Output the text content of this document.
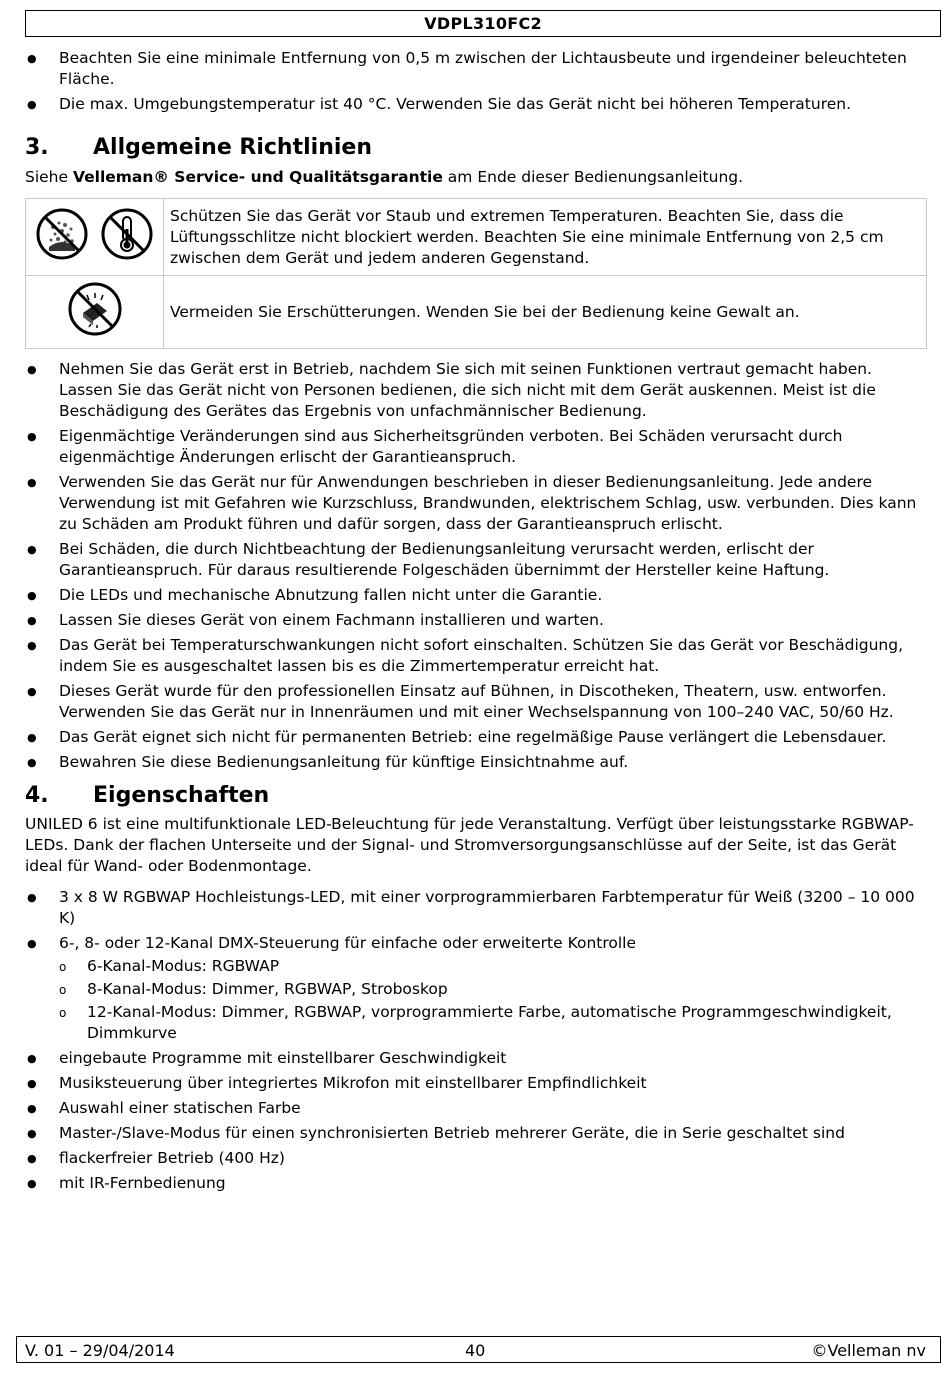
VDPL310FC2
● Beachten Sie eine minimale Entfernung von 0,5 m zwischen der Lichtausbeute und irgendeiner beleuchteten Fläche.
● Die max. Umgebungstemperatur ist 40 °C. Verwenden Sie das Gerät nicht bei höheren Temperaturen.
3. Allgemeine Richtlinien

Siehe Velleman® Service- und Qualitätsgarantie am Ende dieser Bedienungsanleitung.

	Schützen Sie das Gerät vor Staub und extremen Temperaturen. Beachten Sie, dass die Lüftungsschlitze nicht blockiert werden. Beachten Sie eine minimale Entfernung von 2,5 cm zwischen dem Gerät und jedem anderen Gegenstand.
	Vermeiden Sie Erschütterungen. Wenden Sie bei der Bedienung keine Gewalt an.
● Nehmen Sie das Gerät erst in Betrieb, nachdem Sie sich mit seinen Funktionen vertraut gemacht haben. Lassen Sie das Gerät nicht von Personen bedienen, die sich nicht mit dem Gerät auskennen. Meist ist die Beschädigung des Gerätes das Ergebnis von unfachmännischer Bedienung.
● Eigenmächtige Veränderungen sind aus Sicherheitsgründen verboten. Bei Schäden verursacht durch eigenmächtige Änderungen erlischt der Garantieanspruch.
● Verwenden Sie das Gerät nur für Anwendungen beschrieben in dieser Bedienungsanleitung. Jede andere Verwendung ist mit Gefahren wie Kurzschluss, Brandwunden, elektrischem Schlag, usw. verbunden. Dies kann zu Schäden am Produkt führen und dafür sorgen, dass der Garantieanspruch erlischt.
● Bei Schäden, die durch Nichtbeachtung der Bedienungsanleitung verursacht werden, erlischt der Garantieanspruch. Für daraus resultierende Folgeschäden übernimmt der Hersteller keine Haftung.
● Die LEDs und mechanische Abnutzung fallen nicht unter die Garantie.
● Lassen Sie dieses Gerät von einem Fachmann installieren und warten.
● Das Gerät bei Temperaturschwankungen nicht sofort einschalten. Schützen Sie das Gerät vor Beschädigung, indem Sie es ausgeschaltet lassen bis es die Zimmertemperatur erreicht hat.
● Dieses Gerät wurde für den professionellen Einsatz auf Bühnen, in Discotheken, Theatern, usw. entworfen. Verwenden Sie das Gerät nur in Innenräumen und mit einer Wechselspannung von 100–240 VAC, 50/60 Hz.
● Das Gerät eignet sich nicht für permanenten Betrieb: eine regelmäßige Pause verlängert die Lebensdauer.
● Bewahren Sie diese Bedienungsanleitung für künftige Einsichtnahme auf.
4. Eigenschaften

UNILED 6 ist eine multifunktionale LED-Beleuchtung für jede Veranstaltung. Verfügt über leistungsstarke RGBWAP-LEDs. Dank der flachen Unterseite und der Signal- und Stromversorgungsanschlüsse auf der Seite, ist das Gerät ideal für Wand- oder Bodenmontage.

● 3 x 8 W RGBWAP Hochleistungs-LED, mit einer vorprogrammierbaren Farbtemperatur für Weiß (3200 – 10 000 K)
● 6-, 8- oder 12-Kanal DMX-Steuerung für einfache oder erweiterte Kontrolle
o 6-Kanal-Modus: RGBWAP
o 8-Kanal-Modus: Dimmer, RGBWAP, Stroboskop
o 12-Kanal-Modus: Dimmer, RGBWAP, vorprogrammierte Farbe, automatische Programmgeschwindigkeit, Dimmkurve
● eingebaute Programme mit einstellbarer Geschwindigkeit
● Musiksteuerung über integriertes Mikrofon mit einstellbarer Empfindlichkeit
● Auswahl einer statischen Farbe
● Master-/Slave-Modus für einen synchronisierten Betrieb mehrerer Geräte, die in Serie geschaltet sind
● flackerfreier Betrieb (400 Hz)
● mit IR-Fernbedienung
V. 01 – 29/04/2014	40	©Velleman nv
